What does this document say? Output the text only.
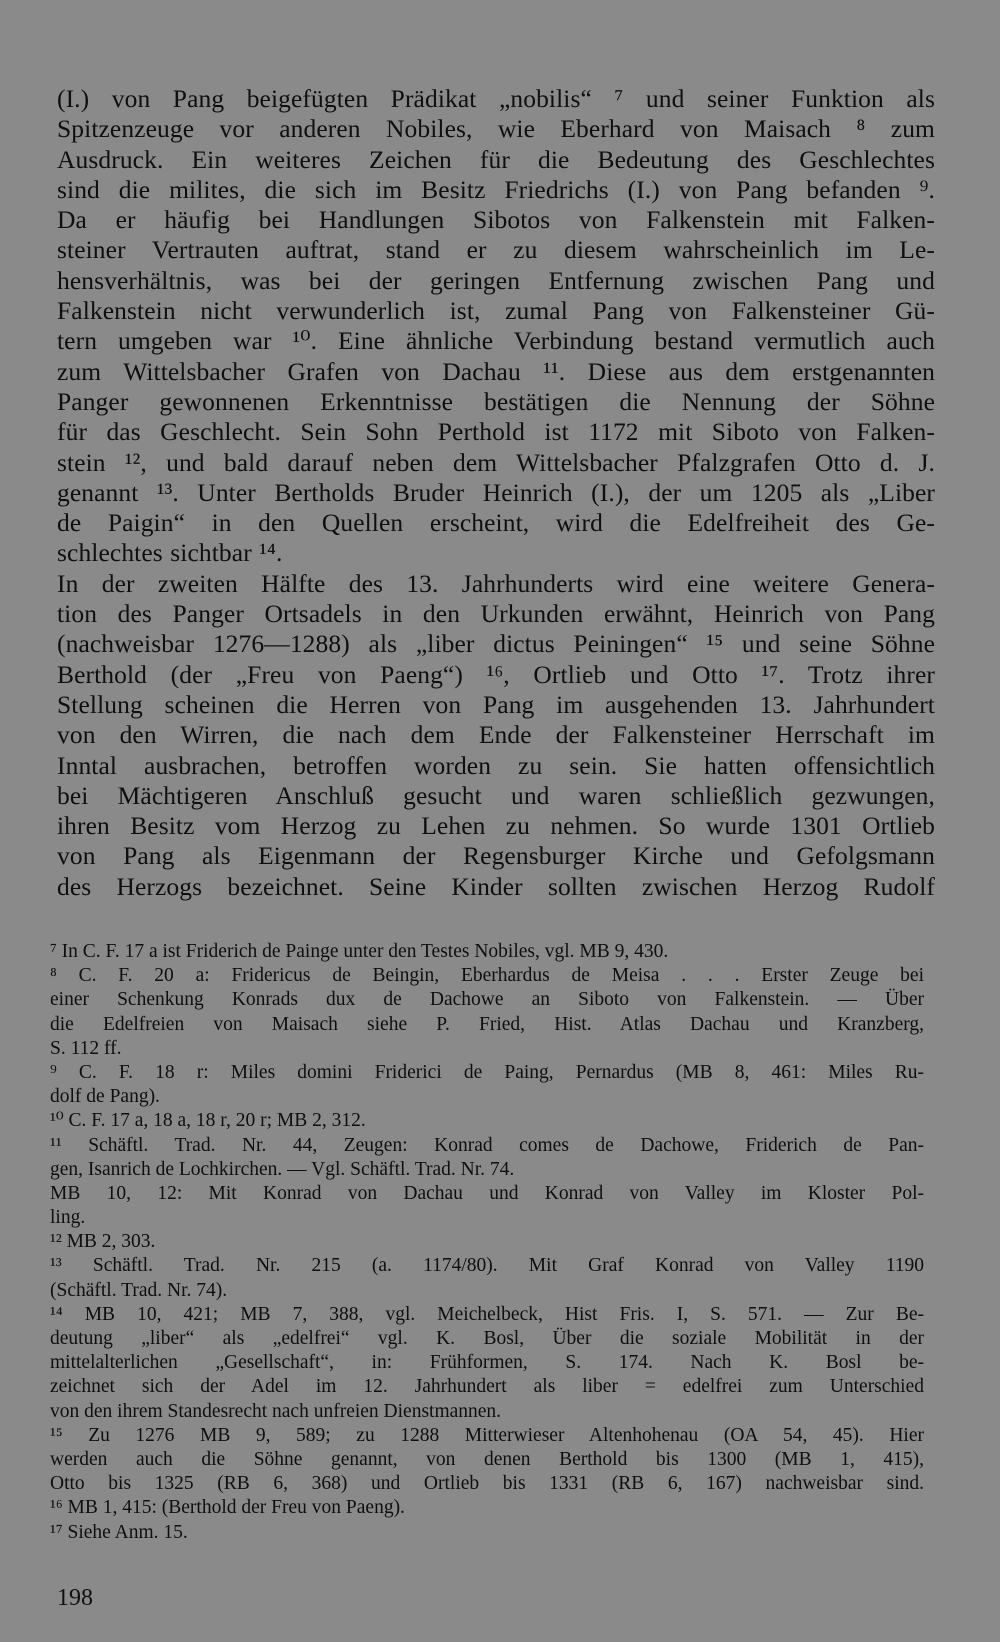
(I.) von Pang beigefügten Prädikat „nobilis“ ⁷ und seiner Funktion als
Spitzenzeuge vor anderen Nobiles, wie Eberhard von Maisach ⁸ zum
Ausdruck. Ein weiteres Zeichen für die Bedeutung des Geschlechtes
sind die milites, die sich im Besitz Friedrichs (I.) von Pang befanden ⁹.
Da er häufig bei Handlungen Sibotos von Falkenstein mit Falken-
steiner Vertrauten auftrat, stand er zu diesem wahrscheinlich im Le-
hensverhältnis, was bei der geringen Entfernung zwischen Pang und
Falkenstein nicht verwunderlich ist, zumal Pang von Falkensteiner Gü-
tern umgeben war ¹⁰. Eine ähnliche Verbindung bestand vermutlich auch
zum Wittelsbacher Grafen von Dachau ¹¹. Diese aus dem erstgenannten
Panger gewonnenen Erkenntnisse bestätigen die Nennung der Söhne
für das Geschlecht. Sein Sohn Perthold ist 1172 mit Siboto von Falken-
stein ¹², und bald darauf neben dem Wittelsbacher Pfalzgrafen Otto d. J.
genannt ¹³. Unter Bertholds Bruder Heinrich (I.), der um 1205 als „Liber
de Paigin“ in den Quellen erscheint, wird die Edelfreiheit des Ge-
schlechtes sichtbar ¹⁴.
In der zweiten Hälfte des 13. Jahrhunderts wird eine weitere Genera-
tion des Panger Ortsadels in den Urkunden erwähnt, Heinrich von Pang
(nachweisbar 1276—1288) als „liber dictus Peiningen“ ¹⁵ und seine Söhne
Berthold (der „Freu von Paeng“) ¹⁶, Ortlieb und Otto ¹⁷. Trotz ihrer
Stellung scheinen die Herren von Pang im ausgehenden 13. Jahrhundert
von den Wirren, die nach dem Ende der Falkensteiner Herrschaft im
Inntal ausbrachen, betroffen worden zu sein. Sie hatten offensichtlich
bei Mächtigeren Anschluß gesucht und waren schließlich gezwungen,
ihren Besitz vom Herzog zu Lehen zu nehmen. So wurde 1301 Ortlieb
von Pang als Eigenmann der Regensburger Kirche und Gefolgsmann
des Herzogs bezeichnet. Seine Kinder sollten zwischen Herzog Rudolf
⁷ In C. F. 17 a ist Friderich de Painge unter den Testes Nobiles, vgl. MB 9, 430.
⁸ C. F. 20 a: Fridericus de Beingin, Eberhardus de Meisa . . . Erster Zeuge bei
einer Schenkung Konrads dux de Dachowe an Siboto von Falkenstein. — Über
die Edelfreien von Maisach siehe P. Fried, Hist. Atlas Dachau und Kranzberg,
S. 112 ff.
⁹ C. F. 18 r: Miles domini Friderici de Paing, Pernardus (MB 8, 461: Miles Ru-
dolf de Pang).
¹⁰ C. F. 17 a, 18 a, 18 r, 20 r; MB 2, 312.
¹¹ Schäftl. Trad. Nr. 44, Zeugen: Konrad comes de Dachowe, Friderich de Pan-
gen, Isanrich de Lochkirchen. — Vgl. Schäftl. Trad. Nr. 74.
MB 10, 12: Mit Konrad von Dachau und Konrad von Valley im Kloster Pol-
ling.
¹² MB 2, 303.
¹³ Schäftl. Trad. Nr. 215 (a. 1174/80). Mit Graf Konrad von Valley 1190
(Schäftl. Trad. Nr. 74).
¹⁴ MB 10, 421; MB 7, 388, vgl. Meichelbeck, Hist Fris. I, S. 571. — Zur Be-
deutung „liber“ als „edelfrei“ vgl. K. Bosl, Über die soziale Mobilität in der
mittelalterlichen „Gesellschaft“, in: Frühformen, S. 174. Nach K. Bosl be-
zeichnet sich der Adel im 12. Jahrhundert als liber = edelfrei zum Unterschied
von den ihrem Standesrecht nach unfreien Dienstmannen.
¹⁵ Zu 1276 MB 9, 589; zu 1288 Mitterwieser Altenhohenau (OA 54, 45). Hier
werden auch die Söhne genannt, von denen Berthold bis 1300 (MB 1, 415),
Otto bis 1325 (RB 6, 368) und Ortlieb bis 1331 (RB 6, 167) nachweisbar sind.
¹⁶ MB 1, 415: (Berthold der Freu von Paeng).
¹⁷ Siehe Anm. 15.
198
